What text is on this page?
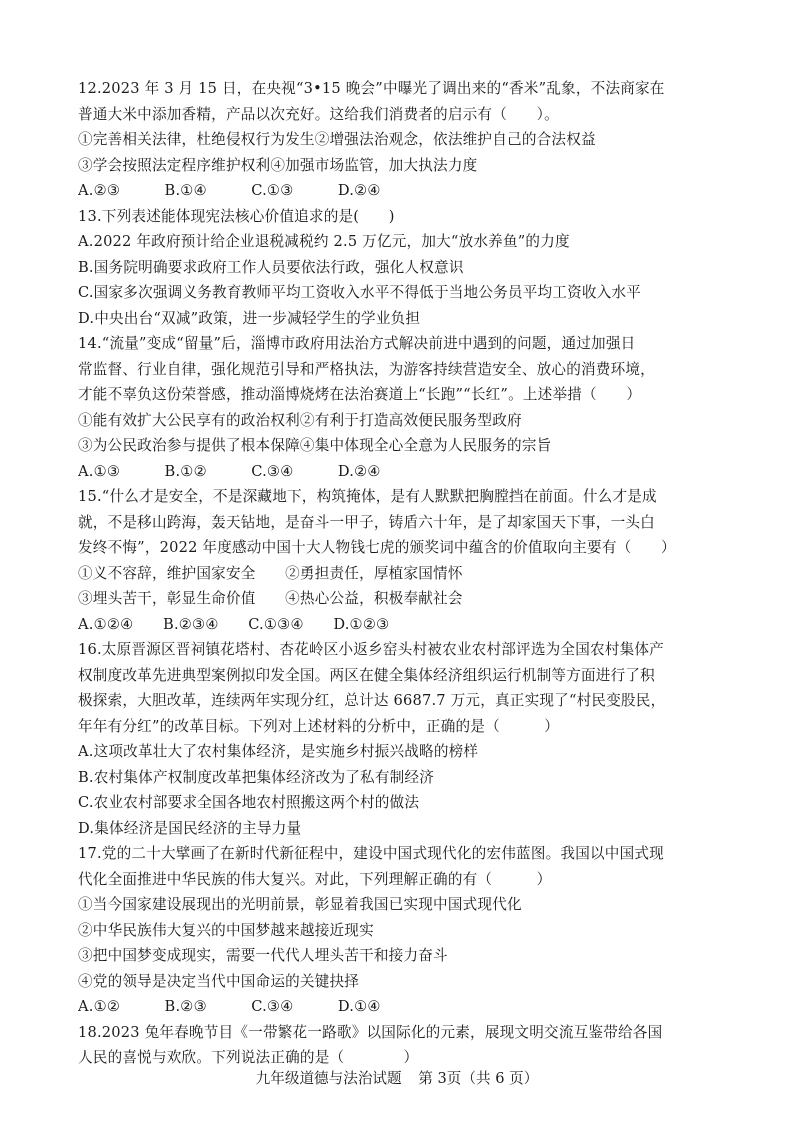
12.2023 年 3 月 15 日，在央视“3•15 晚会”中曝光了调出来的“香米”乱象，不法商家在
普通大米中添加香精，产品以次充好。这给我们消费者的启示有（　　）。
①完善相关法律，杜绝侵权行为发生②增强法治观念，依法维护自己的合法权益
③学会按照法定程序维护权利④加强市场监管，加大执法力度
A.②③　　　B.①④　　　C.①③　　　D.②④
13.下列表述能体现宪法核心价值追求的是(　　)
A.2022 年政府预计给企业退税减税约 2.5 万亿元，加大“放水养鱼”的力度
B.国务院明确要求政府工作人员要依法行政，强化人权意识
C.国家多次强调义务教育教师平均工资收入水平不得低于当地公务员平均工资收入水平
D.中央出台“双减”政策，进一步减轻学生的学业负担
14.“流量”变成“留量”后，淄博市政府用法治方式解决前进中遇到的问题，通过加强日
常监督、行业自律，强化规范引导和严格执法，为游客持续营造安全、放心的消费环境，
才能不辜负这份荣誉感，推动淄博烧烤在法治赛道上“长跑”“长红”。上述举措（　　）
①能有效扩大公民享有的政治权利②有利于打造高效便民服务型政府
③为公民政治参与提供了根本保障④集中体现全心全意为人民服务的宗旨
A.①③　　　B.①②　　　C.③④　　　D.②④
15.“什么才是安全，不是深藏地下，构筑掩体，是有人默默把胸膛挡在前面。什么才是成
就，不是移山跨海，轰天钻地，是奋斗一甲子，铸盾六十年，是了却家国天下事，一头白
发终不悔”，2022 年度感动中国十大人物钱七虎的颁奖词中蕴含的价值取向主要有（　　）
①义不容辞，维护国家安全　　②勇担责任，厚植家国情怀
③埋头苦干，彰显生命价值　　④热心公益，积极奉献社会
A.①②④　　B.②③④　　C.①③④　　D.①②③
16.太原晋源区晋祠镇花塔村、杏花岭区小返乡窑头村被农业农村部评选为全国农村集体产
权制度改革先进典型案例拟印发全国。两区在健全集体经济组织运行机制等方面进行了积
极探索，大胆改革，连续两年实现分红，总计达 6687.7 万元，真正实现了“村民变股民，
年年有分红”的改革目标。下列对上述材料的分析中，正确的是（　　　）
A.这项改革壮大了农村集体经济，是实施乡村振兴战略的榜样
B.农村集体产权制度改革把集体经济改为了私有制经济
C.农业农村部要求全国各地农村照搬这两个村的做法
D.集体经济是国民经济的主导力量
17.党的二十大擘画了在新时代新征程中，建设中国式现代化的宏伟蓝图。我国以中国式现
代化全面推进中华民族的伟大复兴。对此，下列理解正确的有（　　　）
①当今国家建设展现出的光明前景，彰显着我国已实现中国式现代化
②中华民族伟大复兴的中国梦越来越接近现实
③把中国梦变成现实，需要一代代人埋头苦干和接力奋斗
④党的领导是决定当代中国命运的关键抉择
A.①②　　　B.②③　　　C.③④　　　D.①④
18.2023 兔年春晚节目《一带繁花一路歌》以国际化的元素，展现文明交流互鉴带给各国
人民的喜悦与欢欣。下列说法正确的是（　　　　）
九年级道德与法治试题 第 3页（共 6 页）
